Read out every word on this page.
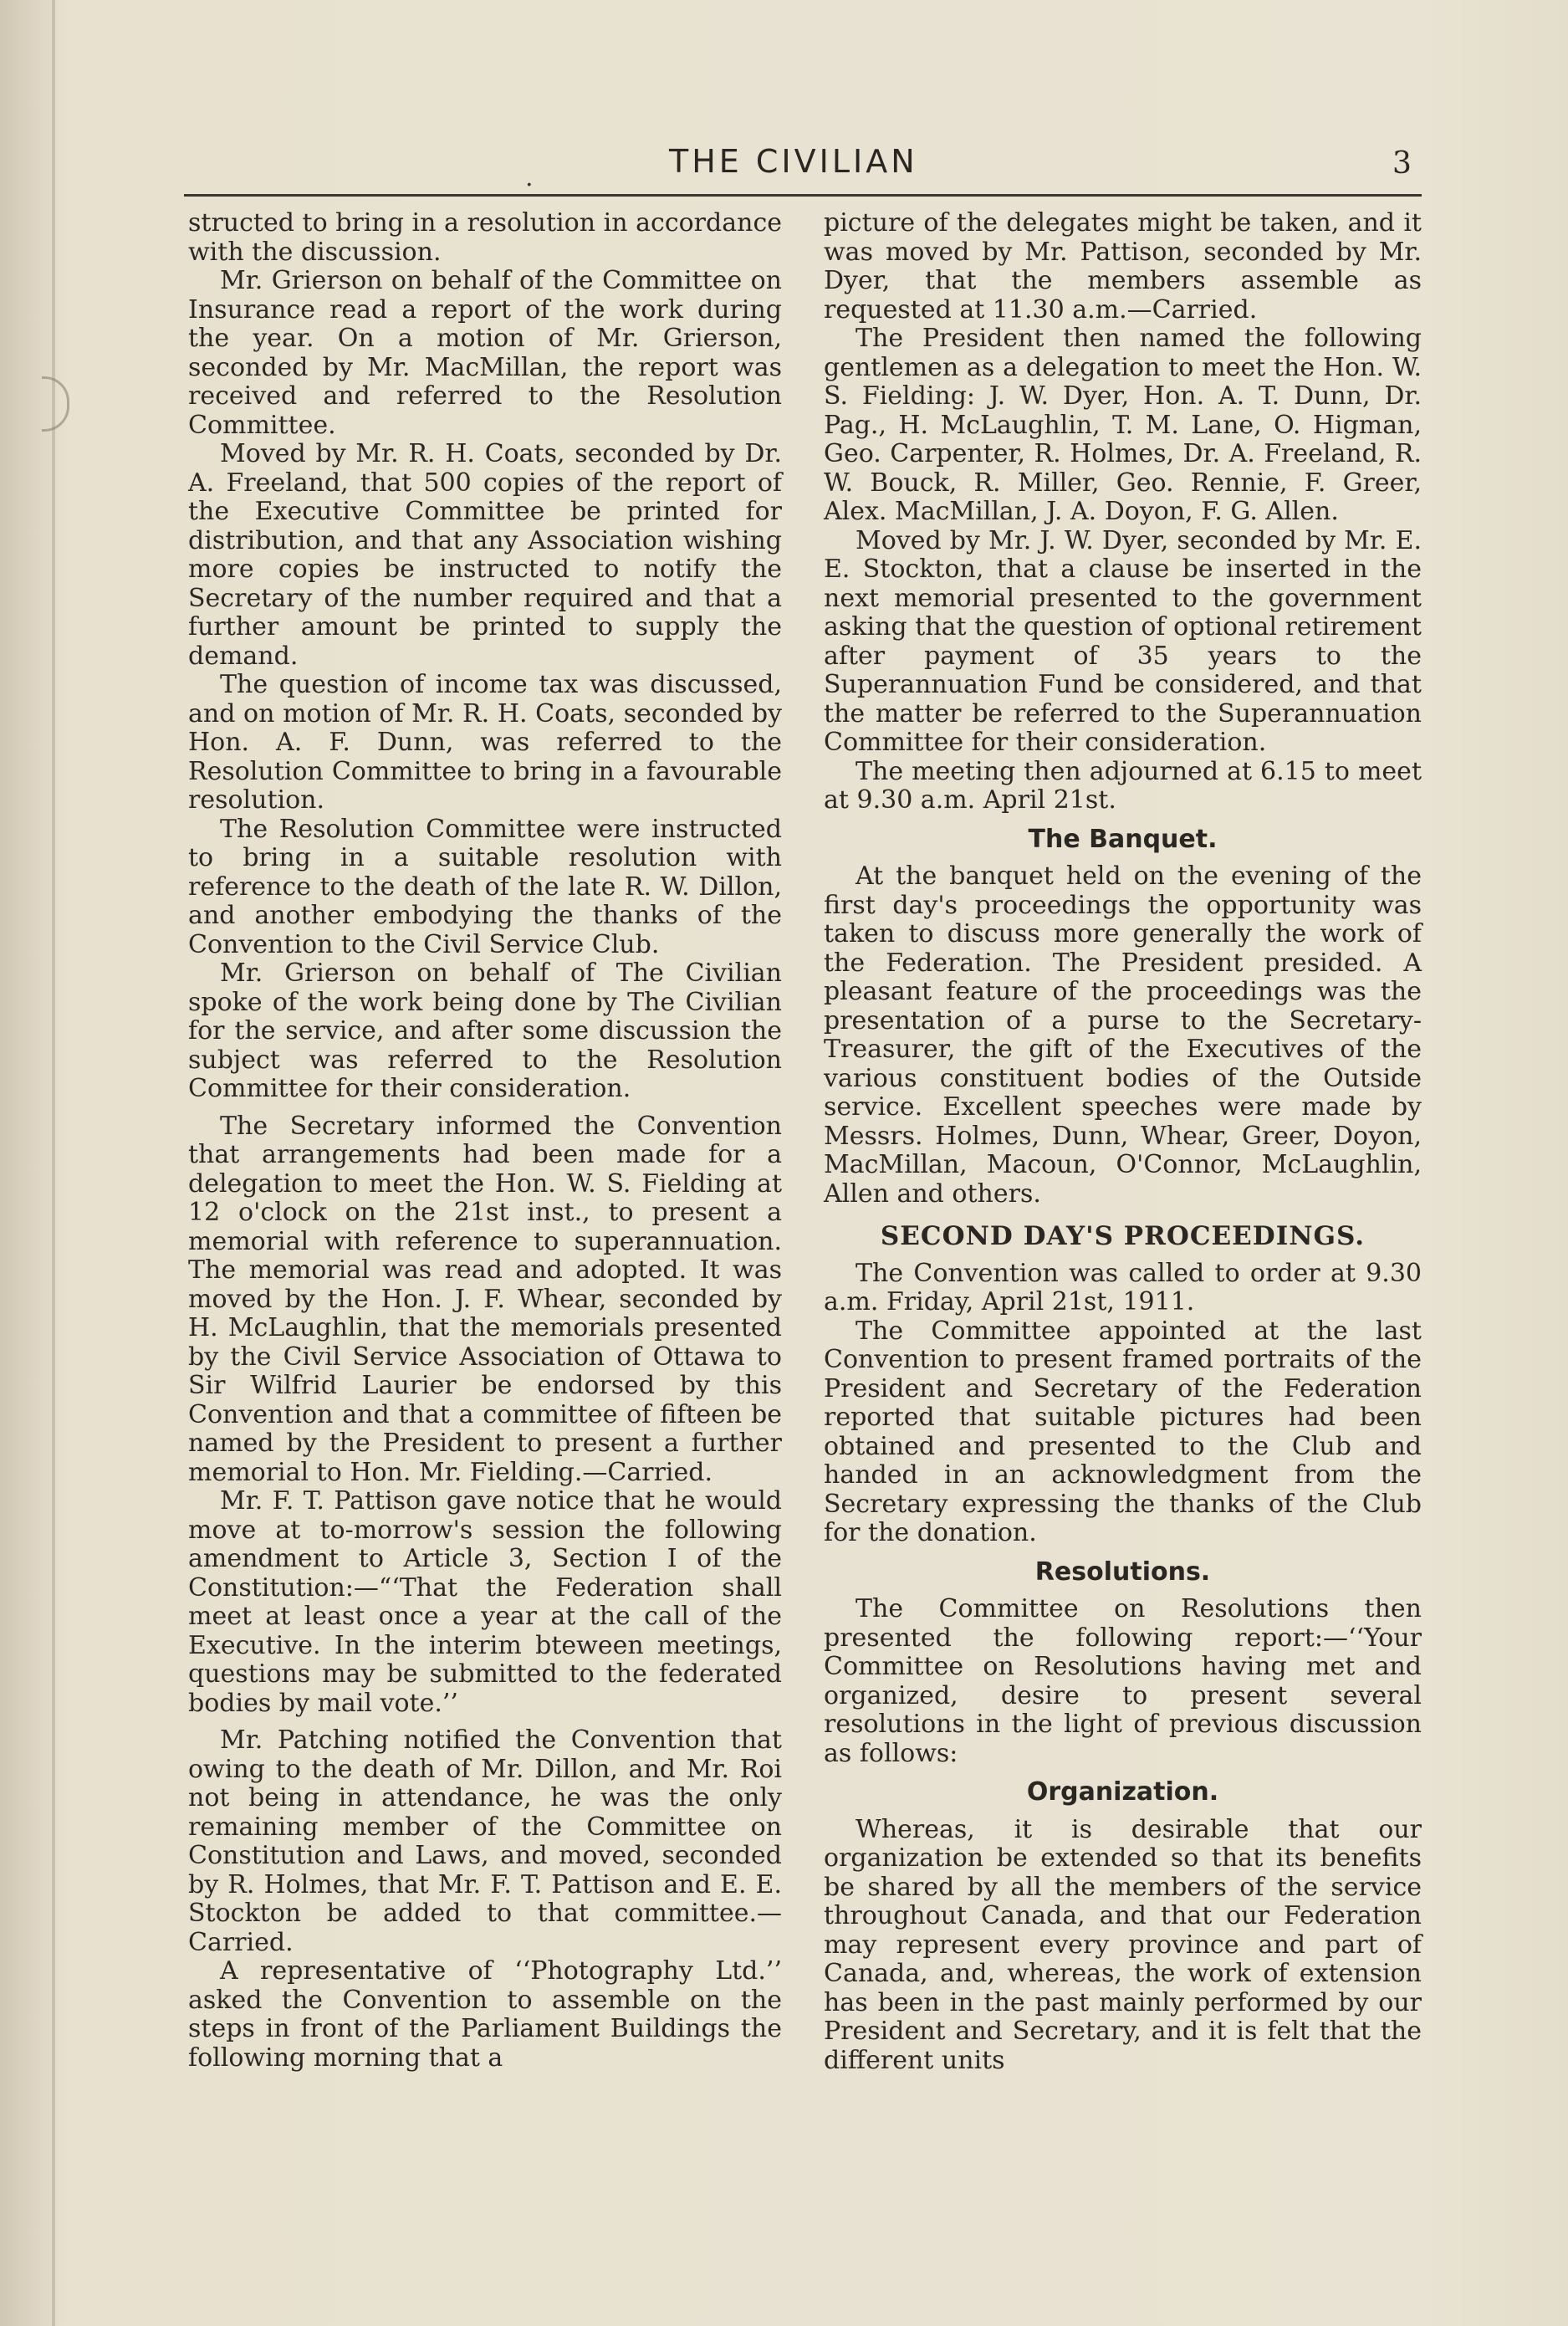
.	THE CIVILIAN	3

structed to bring in a resolution in accordance with the discussion.

Mr. Grierson on behalf of the Committee on Insurance read a report of the work during the year. On a motion of Mr. Grierson, seconded by Mr. MacMillan, the report was received and referred to the Resolution Committee.

Moved by Mr. R. H. Coats, seconded by Dr. A. Freeland, that 500 copies of the report of the Executive Committee be printed for distribution, and that any Association wishing more copies be instructed to notify the Secretary of the number required and that a further amount be printed to supply the demand.

The question of income tax was discussed, and on motion of Mr. R. H. Coats, seconded by Hon. A. F. Dunn, was referred to the Resolution Committee to bring in a favourable resolution.

The Resolution Committee were instructed to bring in a suitable resolution with reference to the death of the late R. W. Dillon, and another embodying the thanks of the Convention to the Civil Service Club.

Mr. Grierson on behalf of The Civilian spoke of the work being done by The Civilian for the service, and after some discussion the subject was referred to the Resolution Committee for their consideration.

The Secretary informed the Convention that arrangements had been made for a delegation to meet the Hon. W. S. Fielding at 12 o'clock on the 21st inst., to present a memorial with reference to superannuation. The memorial was read and adopted. It was moved by the Hon. J. F. Whear, seconded by H. McLaughlin, that the memorials presented by the Civil Service Association of Ottawa to Sir Wilfrid Laurier be endorsed by this Convention and that a committee of fifteen be named by the President to present a further memorial to Hon. Mr. Fielding.—Carried.

Mr. F. T. Pattison gave notice that he would move at to-morrow's session the following amendment to Article 3, Section I of the Constitution:—“‘That the Federation shall meet at least once a year at the call of the Executive. In the interim bteween meetings, questions may be submitted to the federated bodies by mail vote.’’

Mr. Patching notified the Convention that owing to the death of Mr. Dillon, and Mr. Roi not being in attendance, he was the only remaining member of the Committee on Constitution and Laws, and moved, seconded by R. Holmes, that Mr. F. T. Pattison and E. E. Stockton be added to that committee.—Carried.

A representative of ‘‘Photography Ltd.’’ asked the Convention to assemble on the steps in front of the Parliament Buildings the following morning that a

picture of the delegates might be taken, and it was moved by Mr. Pattison, seconded by Mr. Dyer, that the members assemble as requested at 11.30 a.m.—Carried.

The President then named the following gentlemen as a delegation to meet the Hon. W. S. Fielding: J. W. Dyer, Hon. A. T. Dunn, Dr. Pag., H. McLaughlin, T. M. Lane, O. Higman, Geo. Carpenter, R. Holmes, Dr. A. Freeland, R. W. Bouck, R. Miller, Geo. Rennie, F. Greer, Alex. MacMillan, J. A. Doyon, F. G. Allen.

Moved by Mr. J. W. Dyer, seconded by Mr. E. E. Stockton, that a clause be inserted in the next memorial presented to the government asking that the question of optional retirement after payment of 35 years to the Superannuation Fund be considered, and that the matter be referred to the Superannuation Committee for their consideration.

The meeting then adjourned at 6.15 to meet at 9.30 a.m. April 21st.

The Banquet.

At the banquet held on the evening of the first day's proceedings the opportunity was taken to discuss more generally the work of the Federation. The President presided. A pleasant feature of the proceedings was the presentation of a purse to the Secretary-Treasurer, the gift of the Executives of the various constituent bodies of the Outside service. Excellent speeches were made by Messrs. Holmes, Dunn, Whear, Greer, Doyon, MacMillan, Macoun, O'Connor, McLaughlin, Allen and others.

SECOND DAY'S PROCEEDINGS.

The Convention was called to order at 9.30 a.m. Friday, April 21st, 1911.

The Committee appointed at the last Convention to present framed portraits of the President and Secretary of the Federation reported that suitable pictures had been obtained and presented to the Club and handed in an acknowledgment from the Secretary expressing the thanks of the Club for the donation.

Resolutions.

The Committee on Resolutions then presented the following report:—‘‘Your Committee on Resolutions having met and organized, desire to present several resolutions in the light of previous discussion as follows:

Organization.

Whereas, it is desirable that our organization be extended so that its benefits be shared by all the members of the service throughout Canada, and that our Federation may represent every province and part of Canada, and, whereas, the work of extension has been in the past mainly performed by our President and Secretary, and it is felt that the different units
